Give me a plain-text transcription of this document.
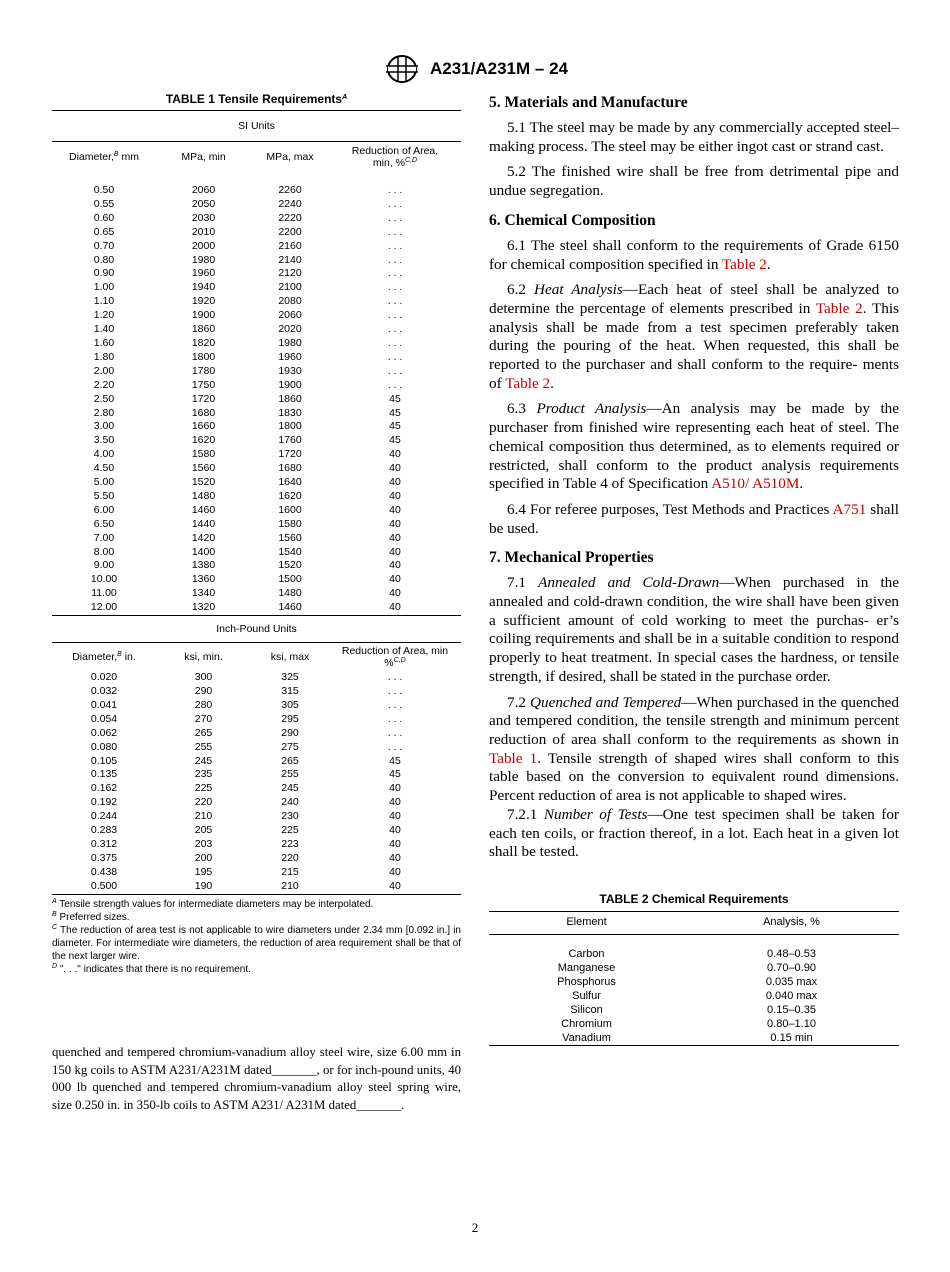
A231/A231M – 24
TABLE 1 Tensile Requirements$^A$
SI Units
Diameter,$^B$ mm	MPa, min	MPa, max	Reduction of Area,
min, %$^{C,D}$
0.50	2060	2260	. . .
0.55	2050	2240	. . .
0.60	2030	2220	. . .
0.65	2010	2200	. . .
0.70	2000	2160	. . .
0.80	1980	2140	. . .
0.90	1960	2120	. . .
1.00	1940	2100	. . .
1.10	1920	2080	. . .
1.20	1900	2060	. . .
1.40	1860	2020	. . .
1.60	1820	1980	. . .
1.80	1800	1960	. . .
2.00	1780	1930	. . .
2.20	1750	1900	. . .
2.50	1720	1860	45
2.80	1680	1830	45
3.00	1660	1800	45
3.50	1620	1760	45
4.00	1580	1720	40
4.50	1560	1680	40
5.00	1520	1640	40
5.50	1480	1620	40
6.00	1460	1600	40
6.50	1440	1580	40
7.00	1420	1560	40
8.00	1400	1540	40
9.00	1380	1520	40
10.00	1360	1500	40
11.00	1340	1480	40
12.00	1320	1460	40
Inch-Pound Units
Diameter,$^B$ in.	ksi, min.	ksi, max	Reduction of Area, min
%$^{C,D}$
0.020	300	325	. . .
0.032	290	315	. . .
0.041	280	305	. . .
0.054	270	295	. . .
0.062	265	290	. . .
0.080	255	275	. . .
0.105	245	265	45
0.135	235	255	45
0.162	225	245	40
0.192	220	240	40
0.244	210	230	40
0.283	205	225	40
0.312	203	223	40
0.375	200	220	40
0.438	195	215	40
0.500	190	210	40

$^A$ Tensile strength values for intermediate diameters may be interpolated.

$^B$ Preferred sizes.

$^C$ The reduction of area test is not applicable to wire diameters under 2.34 mm [0.092 in.] in diameter. For intermediate wire diameters, the reduction of area requirement shall be that of the next larger wire.

$^D$ ". . ." indicates that there is no requirement.

quenched and tempered chromium-vanadium alloy steel wire, size 6.00 mm in 150 kg coils to ASTM A231/A231M dated_______, or for inch-pound units, 40 000 lb quenched and tempered chromium-vanadium alloy steel spring wire, size 0.250 in. in 350-lb coils to ASTM A231/ A231M dated_______.
5. Materials and Manufacture

5.1 The steel may be made by any commercially accepted steel–making process. The steel may be either ingot cast or strand cast.

5.2 The finished wire shall be free from detrimental pipe and undue segregation.

6. Chemical Composition

6.1 The steel shall conform to the requirements of Grade 6150 for chemical composition specified in Table 2.

6.2 Heat Analysis—Each heat of steel shall be analyzed to determine the percentage of elements prescribed in Table 2. This analysis shall be made from a test specimen preferably taken during the pouring of the heat. When requested, this shall be reported to the purchaser and shall conform to the require- ments of Table 2.

6.3 Product Analysis—An analysis may be made by the purchaser from finished wire representing each heat of steel. The chemical composition thus determined, as to elements required or restricted, shall conform to the product analysis requirements specified in Table 4 of Specification A510/ A510M.

6.4 For referee purposes, Test Methods and Practices A751 shall be used.

7. Mechanical Properties

7.1 Annealed and Cold-Drawn—When purchased in the annealed and cold-drawn condition, the wire shall have been given a sufficient amount of cold working to meet the purchas- er’s coiling requirements and shall be in a suitable condition to respond properly to heat treatment. In special cases the hardness, or tensile strength, if desired, shall be stated in the purchase order.

7.2 Quenched and Tempered—When purchased in the quenched and tempered condition, the tensile strength and minimum percent reduction of area shall conform to the requirements as shown in Table 1. Tensile strength of shaped wires shall conform to this table based on the conversion to equivalent round dimensions. Percent reduction of area is not applicable to shaped wires.

7.2.1 Number of Tests—One test specimen shall be taken for each ten coils, or fraction thereof, in a lot. Each heat in a given lot shall be tested.

TABLE 2 Chemical Requirements
Element	Analysis, %
Carbon	0.48–0.53
Manganese	0.70–0.90
Phosphorus	0.035 max
Sulfur	0.040 max
Silicon	0.15–0.35
Chromium	0.80–1.10
Vanadium	0.15 min
2
